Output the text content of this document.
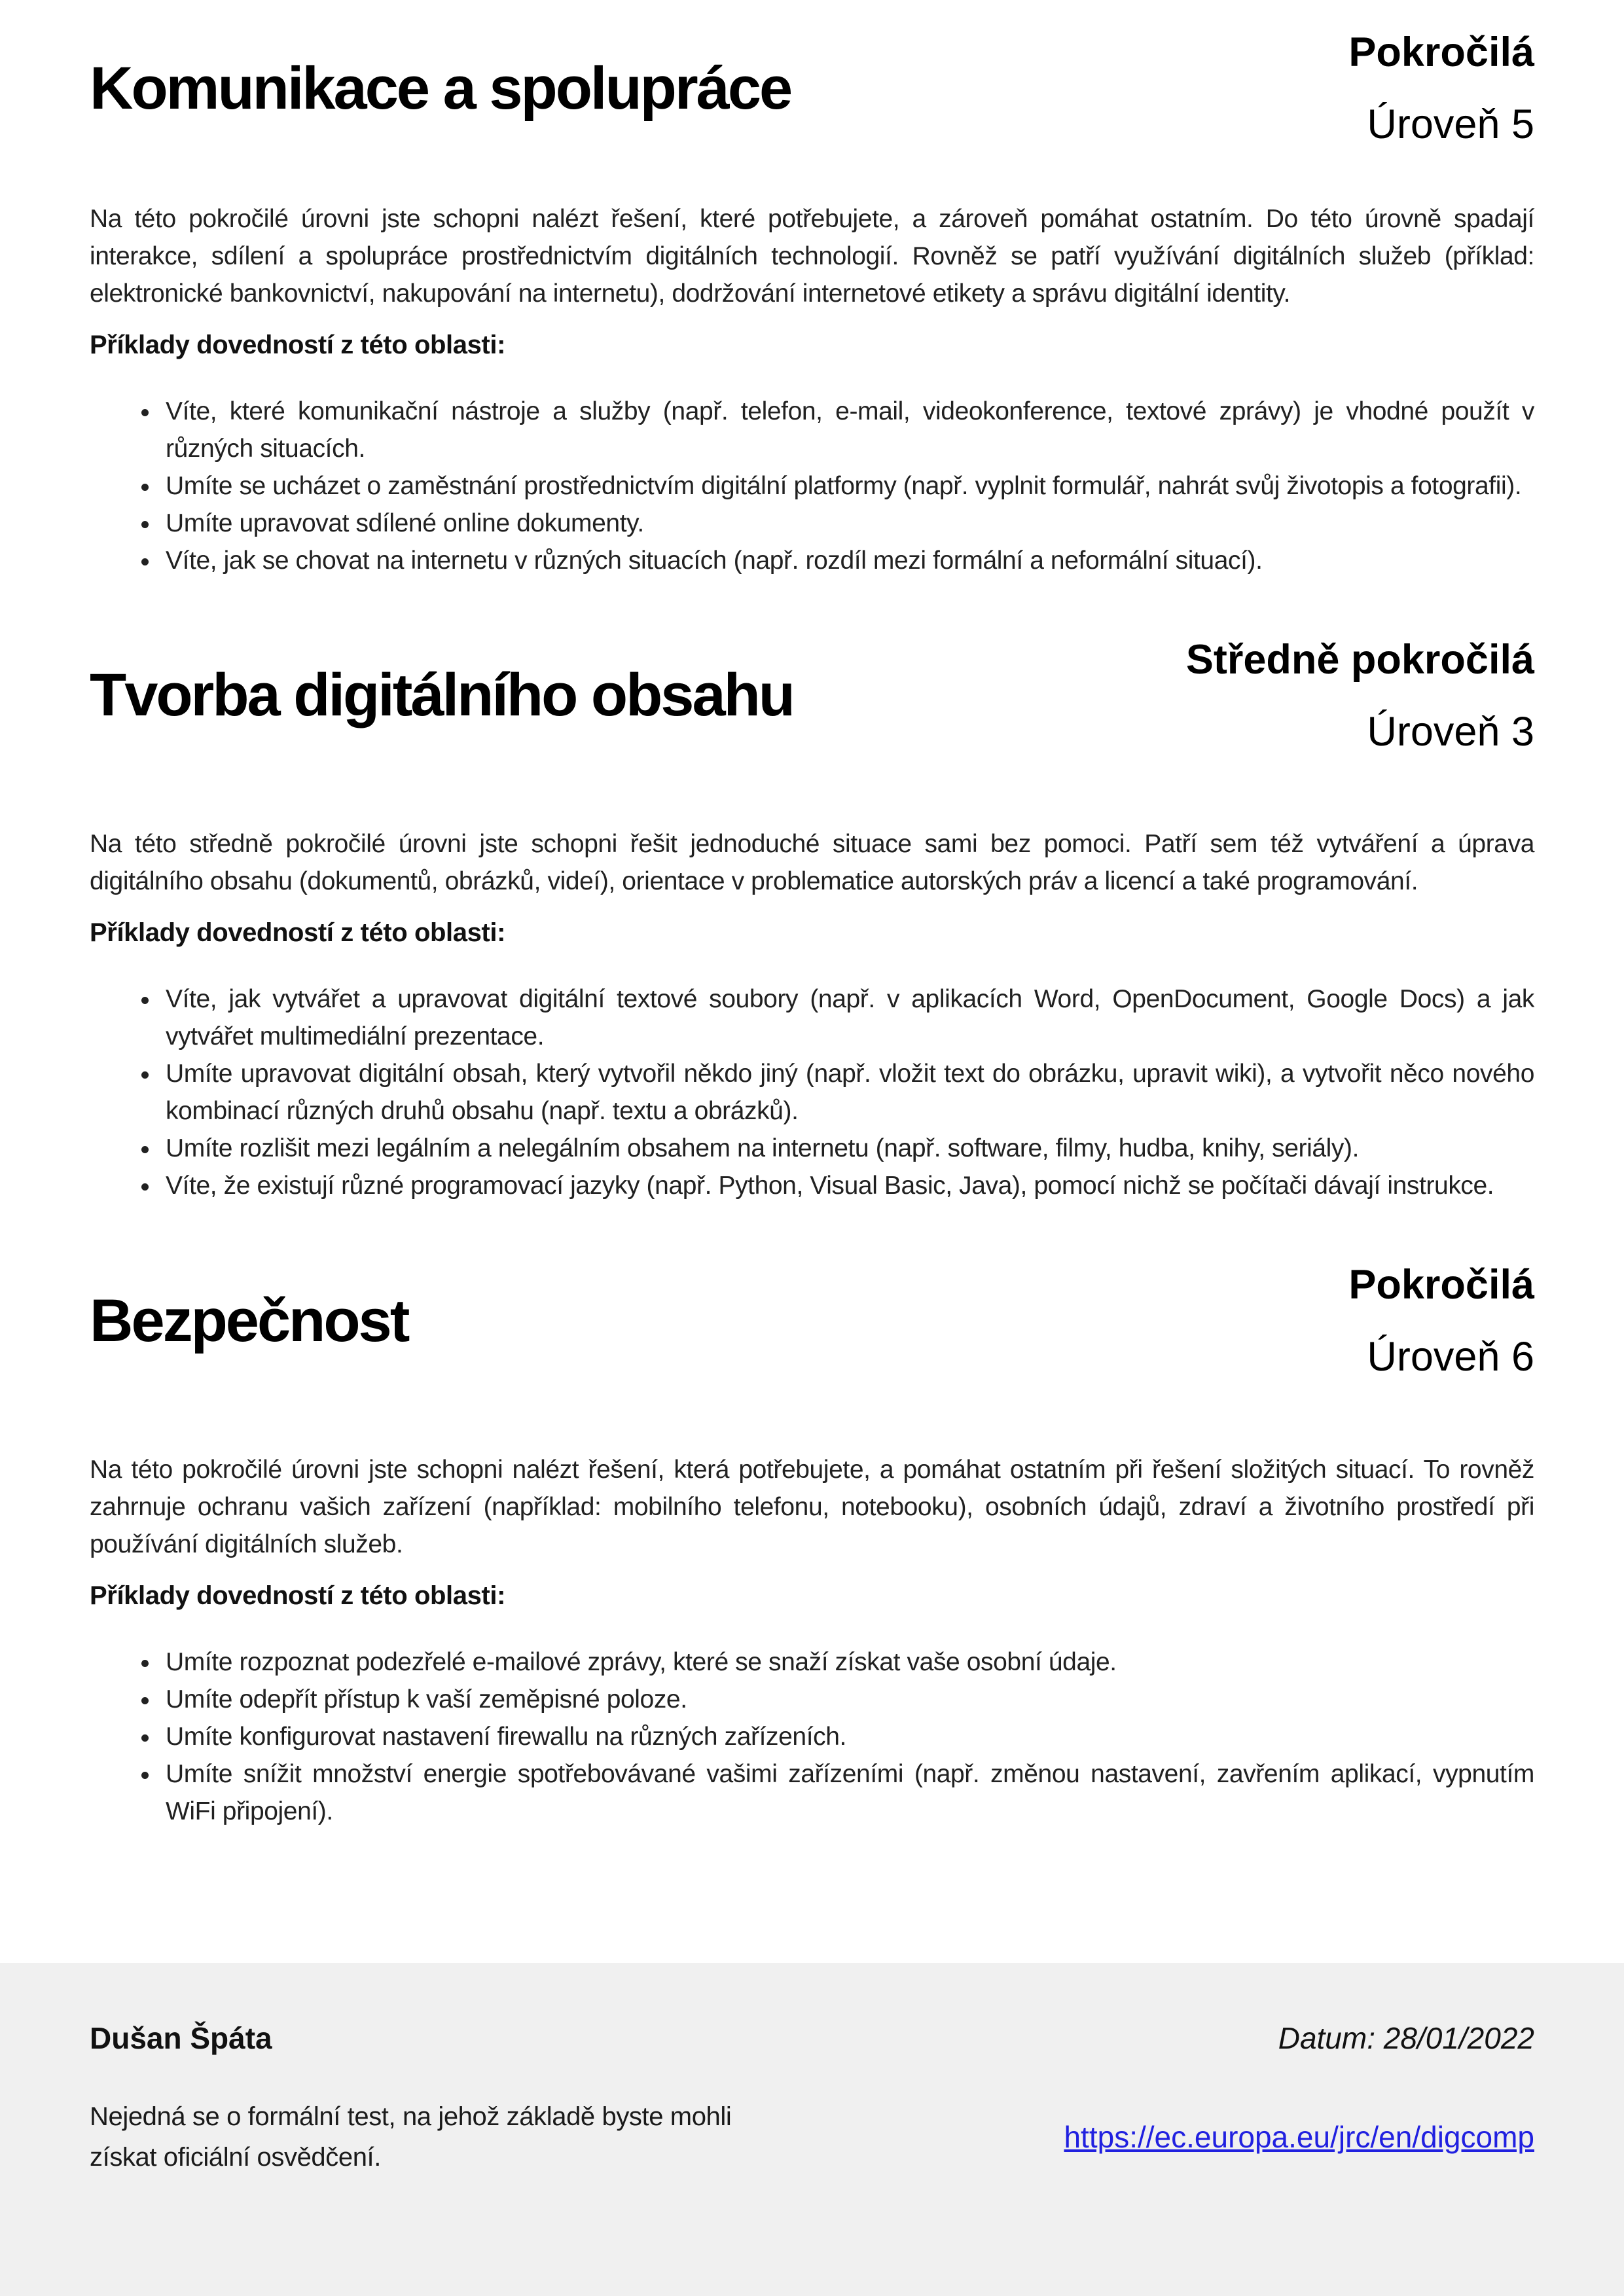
Komunikace a spolupráce
Pokročilá
Úroveň 5

Na této pokročilé úrovni jste schopni nalézt řešení, které potřebujete, a zároveň pomáhat ostatním. Do této úrovně spadají interakce, sdílení a spolupráce prostřednictvím digitálních technologií. Rovněž se patří využívání digitálních služeb (příklad: elektronické bankovnictví, nakupování na internetu), dodržování internetové etikety a správu digitální identity.

Příklady dovedností z této oblasti:

• Víte, které komunikační nástroje a služby (např. telefon, e-mail, videokonference, textové zprávy) je vhodné použít v různých situacích.
• Umíte se ucházet o zaměstnání prostřednictvím digitální platformy (např. vyplnit formulář, nahrát svůj životopis a fotografii).
• Umíte upravovat sdílené online dokumenty.
• Víte, jak se chovat na internetu v různých situacích (např. rozdíl mezi formální a neformální situací).
Tvorba digitálního obsahu
Středně pokročilá
Úroveň 3

Na této středně pokročilé úrovni jste schopni řešit jednoduché situace sami bez pomoci. Patří sem též vytváření a úprava digitálního obsahu (dokumentů, obrázků, videí), orientace v problematice autorských práv a licencí a také programování.

Příklady dovedností z této oblasti:

• Víte, jak vytvářet a upravovat digitální textové soubory (např. v aplikacích Word, OpenDocument, Google Docs) a jak vytvářet multimediální prezentace.
• Umíte upravovat digitální obsah, který vytvořil někdo jiný (např. vložit text do obrázku, upravit wiki), a vytvořit něco nového kombinací různých druhů obsahu (např. textu a obrázků).
• Umíte rozlišit mezi legálním a nelegálním obsahem na internetu (např. software, filmy, hudba, knihy, seriály).
• Víte, že existují různé programovací jazyky (např. Python, Visual Basic, Java), pomocí nichž se počítači dávají instrukce.
Bezpečnost
Pokročilá
Úroveň 6

Na této pokročilé úrovni jste schopni nalézt řešení, která potřebujete, a pomáhat ostatním při řešení složitých situací. To rovněž zahrnuje ochranu vašich zařízení (například: mobilního telefonu, notebooku), osobních údajů, zdraví a životního prostředí při používání digitálních služeb.

Příklady dovedností z této oblasti:

• Umíte rozpoznat podezřelé e-mailové zprávy, které se snaží získat vaše osobní údaje.
• Umíte odepřít přístup k vaší zeměpisné poloze.
• Umíte konfigurovat nastavení firewallu na různých zařízeních.
• Umíte snížit množství energie spotřebovávané vašimi zařízeními (např. změnou nastavení, zavřením aplikací, vypnutím WiFi připojení).
Dušan Špáta	Datum: 28/01/2022
Nejedná se o formální test, na jehož základě byste mohli získat oficiální osvědčení.
https://ec.europa.eu/jrc/en/digcomp
